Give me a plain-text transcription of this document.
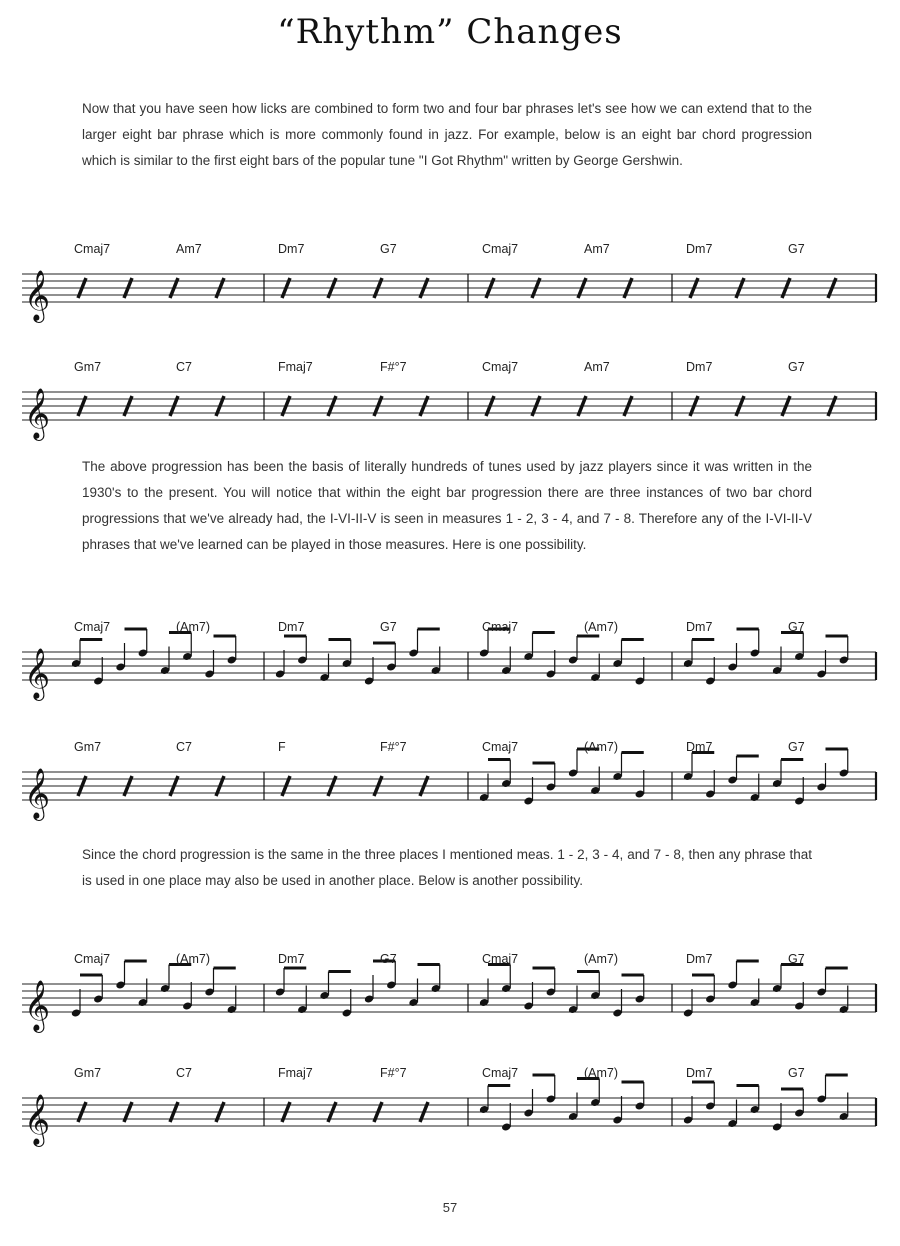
“Rhythm” Changes

Now that you have seen how licks are combined to form two and four bar phrases let's see how we can extend that to the larger eight bar phrase which is more commonly found in jazz. For example, below is an eight bar chord progression which is similar to the first eight bars of the popular tune "I Got Rhythm" written by George Gershwin.

𝄞
Cmaj7	Am7	Dm7	G7	Cmaj7	Am7	Dm7	G7
𝄞
Gm7	C7	Fmaj7	F#°7	Cmaj7	Am7	Dm7	G7

The above progression has been the basis of literally hundreds of tunes used by jazz players since it was written in the 1930's to the present. You will notice that within the eight bar progression there are three instances of two bar chord progressions that we've already had, the I-VI-II-V is seen in measures 1 - 2, 3 - 4, and 7 - 8. Therefore any of the I-VI-II-V phrases that we've learned can be played in those measures. Here is one possibility.

𝄞
Cmaj7	(Am7)	Dm7	G7	Cmaj7	(Am7)	Dm7	G7
𝄞
Gm7	C7	F	F#°7	Cmaj7	(Am7)	Dm7	G7

Since the chord progression is the same in the three places I mentioned meas. 1 - 2, 3 - 4, and 7 - 8, then any phrase that is used in one place may also be used in another place. Below is another possibility.

𝄞
Cmaj7	(Am7)	Dm7	G7	Cmaj7	(Am7)	Dm7	G7
𝄞
Gm7	C7	Fmaj7	F#°7	Cmaj7	(Am7)	Dm7	G7
57
